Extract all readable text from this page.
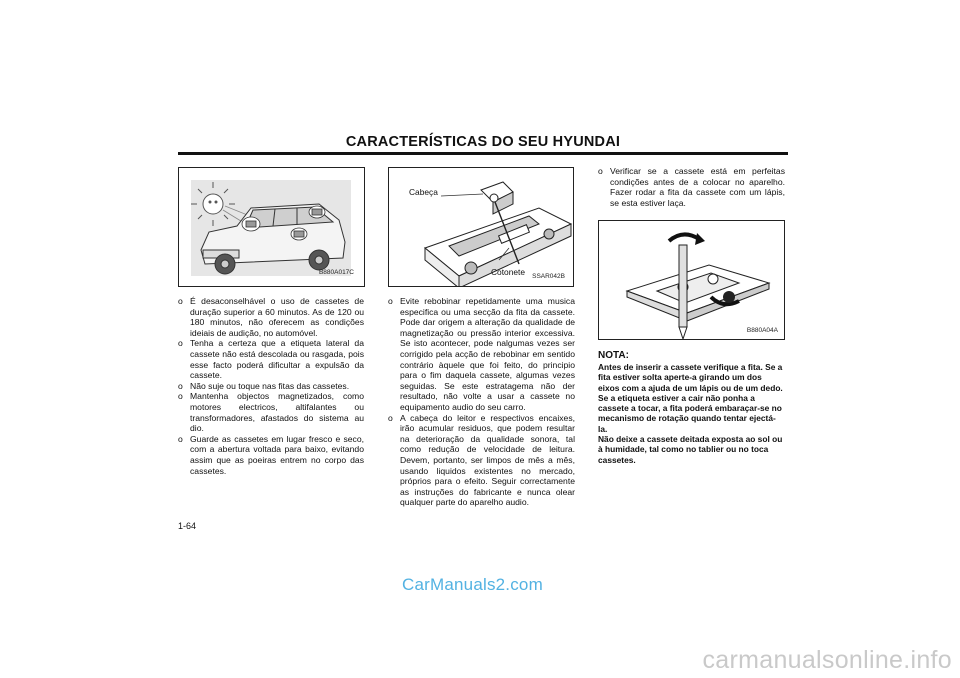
CARACTERÍSTICAS DO SEU HYUNDAI
B880A017C
Cabeça
Cotonete SSAR042B
B880A04A
o É desaconselhável o uso de cassetes de duração superior a 60 minutos. As de 120 ou 180 minutos, não oferecem as condições ideiais de audição, no automóvel.
o Tenha a certeza que a etiqueta lateral da cassete não está descolada ou rasgada, pois esse facto poderá dificultar a expulsão da cassete.
o Não suje ou toque nas fitas das cassetes.
o Mantenha objectos magnetizados, como motores electricos, altifalantes ou transformadores, afastados do sistema au dio.
o Guarde as cassetes em lugar fresco e seco, com a abertura voltada para baixo, evitando assim que as poeiras entrem no corpo das cassetes.
o Evite rebobinar repetidamente uma musica especifica ou uma secção da fita da cassete. Pode dar origem a alteração da qualidade de magnetização ou pressão interior excessiva. Se isto acontecer, pode nalgumas vezes ser corrigido pela acção de rebobinar em sentido contrário àquele que foi feito, do principio para o fim daquela cassete, algumas vezes seguidas. Se este estratagema não der resultado, não volte a usar a cassete no equipamento audio do seu carro.
o A cabeça do leitor e respectivos encaixes, irão acumular residuos, que podem resultar na deterioração da qualidade sonora, tal como redução de velocidade de leitura. Devem, portanto, ser limpos de mês a mês, usando liquidos existentes no mercado, próprios para o efeito. Seguir correctamente as instruções do fabricante e nunca olear qualquer parte do aparelho audio.
o Verificar se a cassete está em perfeitas condições antes de a colocar no aparelho. Fazer rodar a fita da cassete com um lápis, se esta estiver laça.
NOTA:
Antes de inserir a cassete verifique a fita. Se a fita estiver solta aperte-a girando um dos eixos com a ajuda de um lápis ou de um dedo. Se a etiqueta estiver a cair não ponha a cassete a tocar, a fita poderá embaraçar-se no mecanismo de rotação quando tentar ejectá-la.
Não deixe a cassete deitada exposta ao sol ou à humidade, tal como no tablier ou no toca cassetes.
1-64
CarManuals2.com
carmanualsonline.info
